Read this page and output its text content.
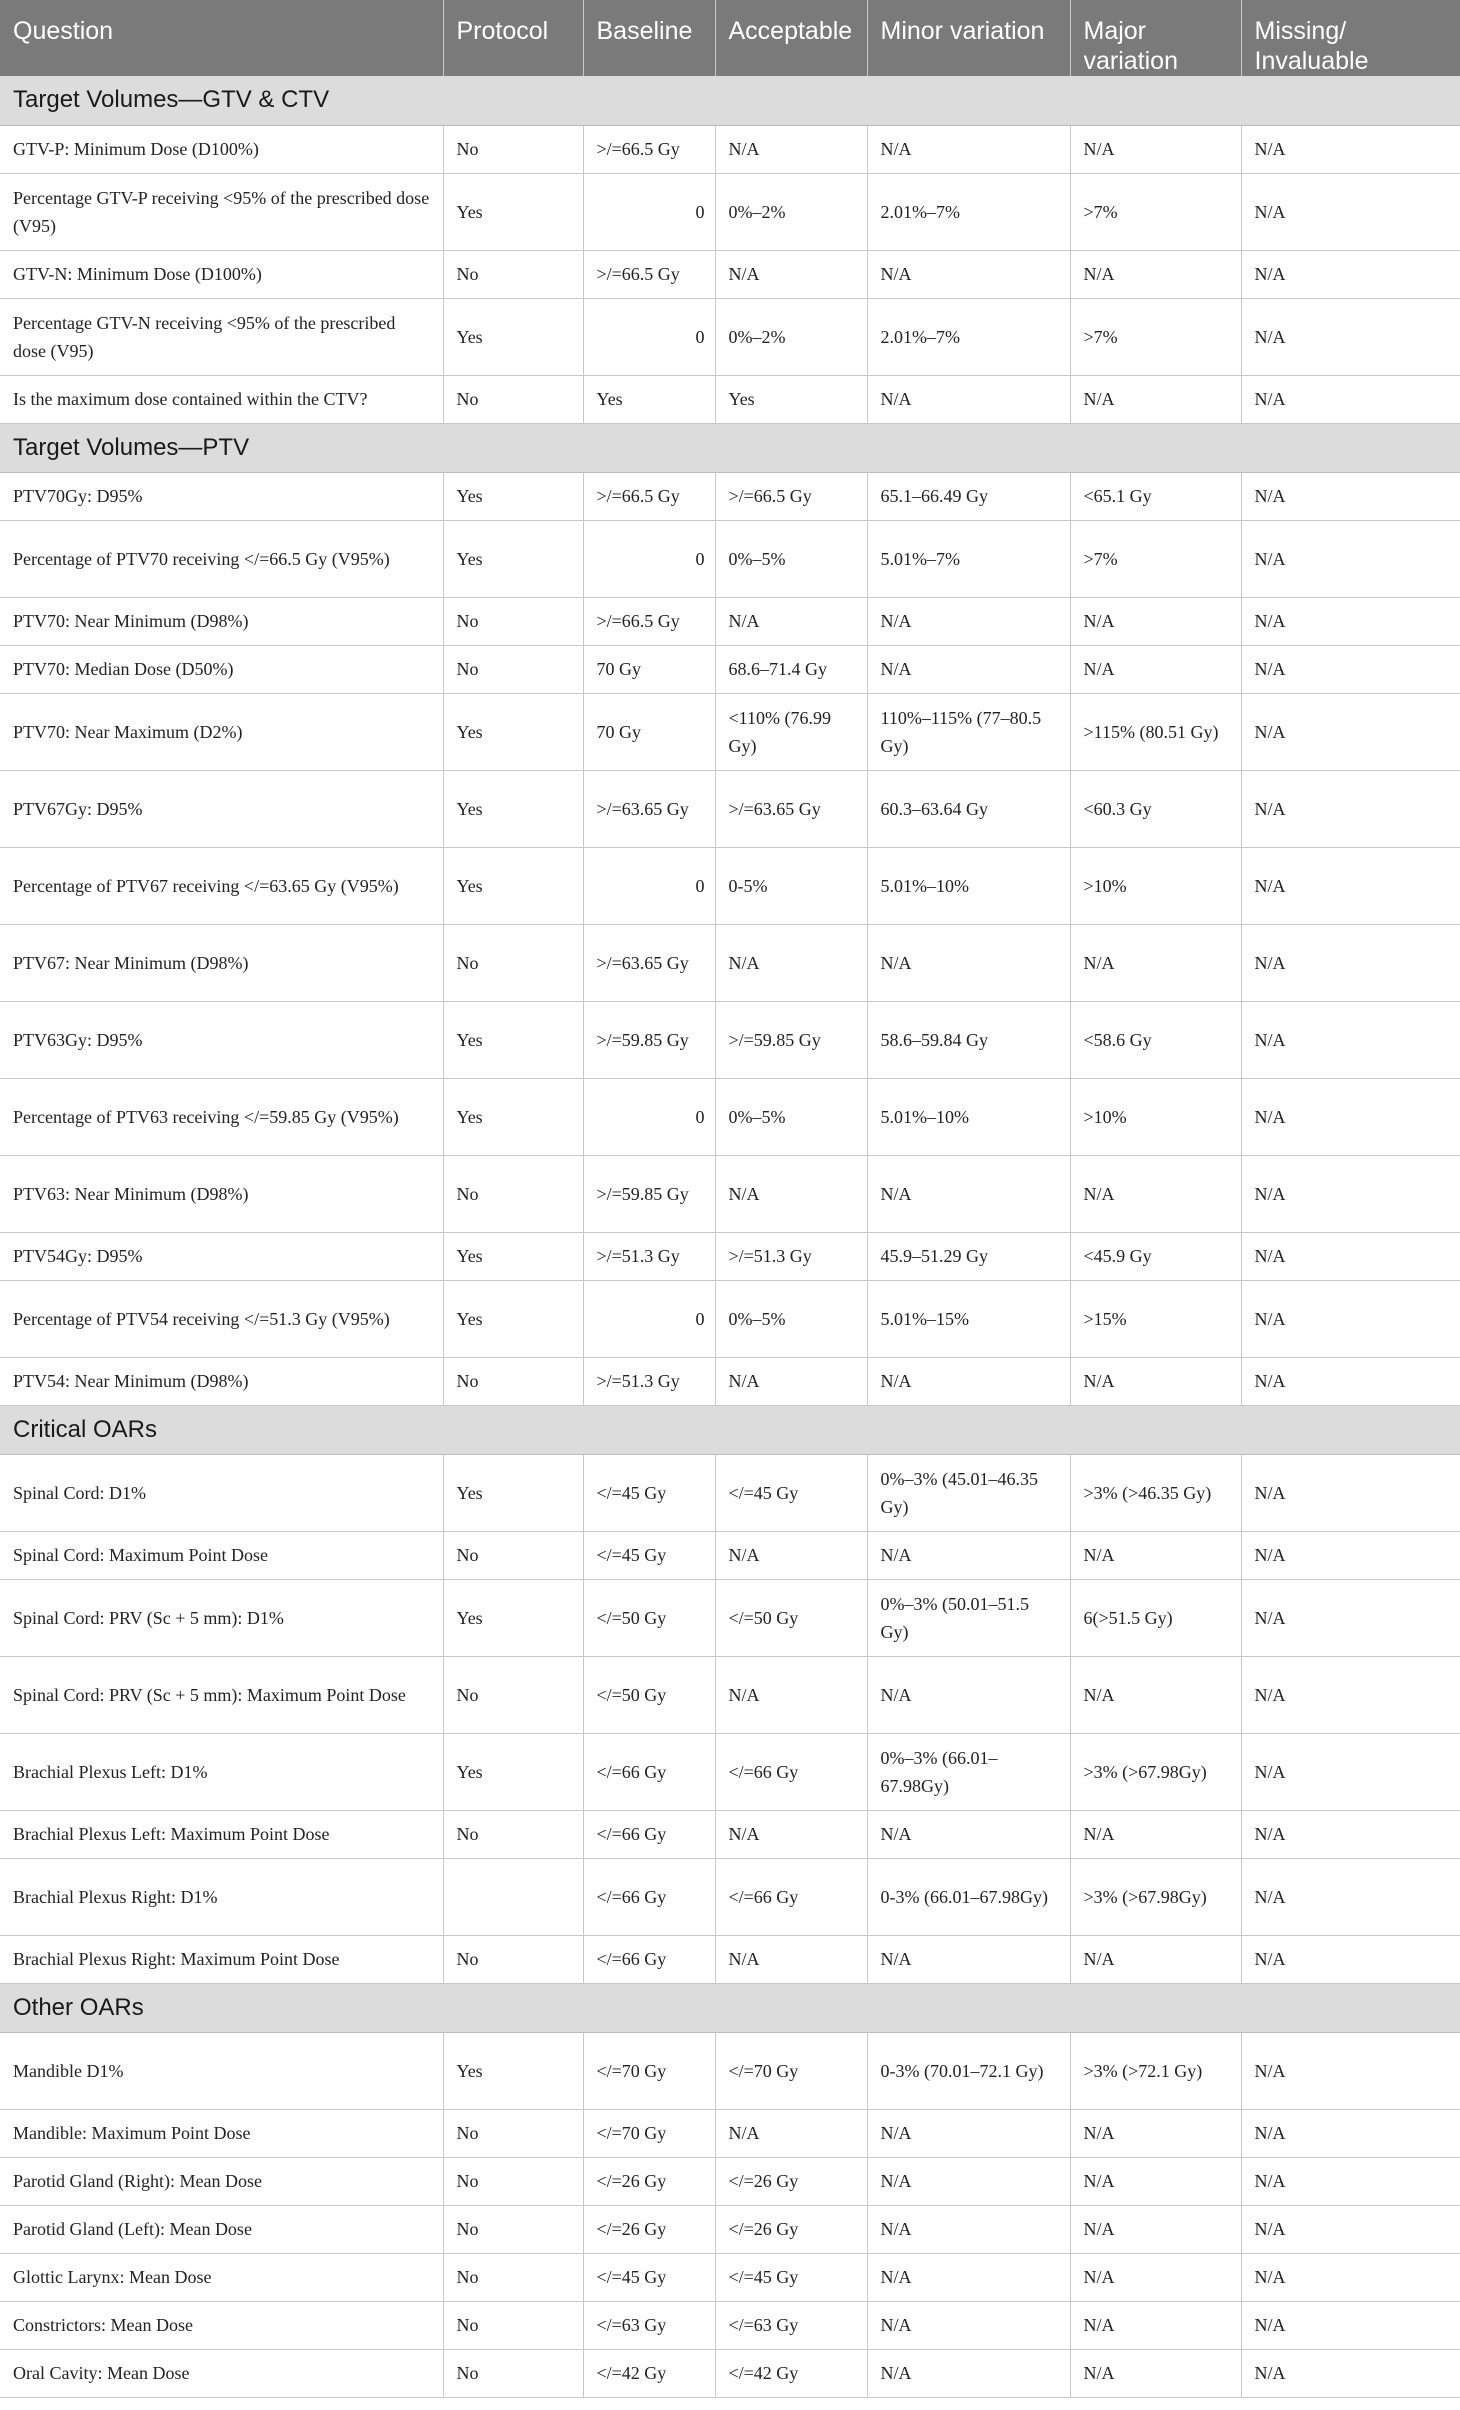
Question	Protocol	Baseline	Acceptable	Minor variation	Major variation	Missing/ Invaluable
Target Volumes—GTV & CTV						
GTV-P: Minimum Dose (D100%)	No	>/=66.5 Gy	N/A	N/A	N/A	N/A
Percentage GTV-P receiving <95% of the prescribed dose (V95)	Yes	0	0%–2%	2.01%–7%	>7%	N/A
GTV-N: Minimum Dose (D100%)	No	>/=66.5 Gy	N/A	N/A	N/A	N/A
Percentage GTV-N receiving <95% of the prescribed dose (V95)	Yes	0	0%–2%	2.01%–7%	>7%	N/A
Is the maximum dose contained within the CTV?	No	Yes	Yes	N/A	N/A	N/A
Target Volumes—PTV						
PTV70Gy: D95%	Yes	>/=66.5 Gy	>/=66.5 Gy	65.1–66.49 Gy	<65.1 Gy	N/A
Percentage of PTV70 receiving </=66.5 Gy (V95%)	Yes	0	0%–5%	5.01%–7%	>7%	N/A
PTV70: Near Minimum (D98%)	No	>/=66.5 Gy	N/A	N/A	N/A	N/A
PTV70: Median Dose (D50%)	No	70 Gy	68.6–71.4 Gy	N/A	N/A	N/A
PTV70: Near Maximum (D2%)	Yes	70 Gy	<110% (76.99 Gy)	110%–115% (77–80.5 Gy)	>115% (80.51 Gy)	N/A
PTV67Gy: D95%	Yes	>/=63.65 Gy	>/=63.65 Gy	60.3–63.64 Gy	<60.3 Gy	N/A
Percentage of PTV67 receiving </=63.65 Gy (V95%)	Yes	0	0-5%	5.01%–10%	>10%	N/A
PTV67: Near Minimum (D98%)	No	>/=63.65 Gy	N/A	N/A	N/A	N/A
PTV63Gy: D95%	Yes	>/=59.85 Gy	>/=59.85 Gy	58.6–59.84 Gy	<58.6 Gy	N/A
Percentage of PTV63 receiving </=59.85 Gy (V95%)	Yes	0	0%–5%	5.01%–10%	>10%	N/A
PTV63: Near Minimum (D98%)	No	>/=59.85 Gy	N/A	N/A	N/A	N/A
PTV54Gy: D95%	Yes	>/=51.3 Gy	>/=51.3 Gy	45.9–51.29 Gy	<45.9 Gy	N/A
Percentage of PTV54 receiving </=51.3 Gy (V95%)	Yes	0	0%–5%	5.01%–15%	>15%	N/A
PTV54: Near Minimum (D98%)	No	>/=51.3 Gy	N/A	N/A	N/A	N/A
Critical OARs						
Spinal Cord: D1%	Yes	</=45 Gy	</=45 Gy	0%–3% (45.01–46.35 Gy)	>3% (>46.35 Gy)	N/A
Spinal Cord: Maximum Point Dose	No	</=45 Gy	N/A	N/A	N/A	N/A
Spinal Cord: PRV (Sc + 5 mm): D1%	Yes	</=50 Gy	</=50 Gy	0%–3% (50.01–51.5 Gy)	6(>51.5 Gy)	N/A
Spinal Cord: PRV (Sc + 5 mm): Maximum Point Dose	No	</=50 Gy	N/A	N/A	N/A	N/A
Brachial Plexus Left: D1%	Yes	</=66 Gy	</=66 Gy	0%–3% (66.01–67.98Gy)	>3% (>67.98Gy)	N/A
Brachial Plexus Left: Maximum Point Dose	No	</=66 Gy	N/A	N/A	N/A	N/A
Brachial Plexus Right: D1%		</=66 Gy	</=66 Gy	0-3% (66.01–67.98Gy)	>3% (>67.98Gy)	N/A
Brachial Plexus Right: Maximum Point Dose	No	</=66 Gy	N/A	N/A	N/A	N/A
Other OARs						
Mandible D1%	Yes	</=70 Gy	</=70 Gy	0-3% (70.01–72.1 Gy)	>3% (>72.1 Gy)	N/A
Mandible: Maximum Point Dose	No	</=70 Gy	N/A	N/A	N/A	N/A
Parotid Gland (Right): Mean Dose	No	</=26 Gy	</=26 Gy	N/A	N/A	N/A
Parotid Gland (Left): Mean Dose	No	</=26 Gy	</=26 Gy	N/A	N/A	N/A
Glottic Larynx: Mean Dose	No	</=45 Gy	</=45 Gy	N/A	N/A	N/A
Constrictors: Mean Dose	No	</=63 Gy	</=63 Gy	N/A	N/A	N/A
Oral Cavity: Mean Dose	No	</=42 Gy	</=42 Gy	N/A	N/A	N/A
